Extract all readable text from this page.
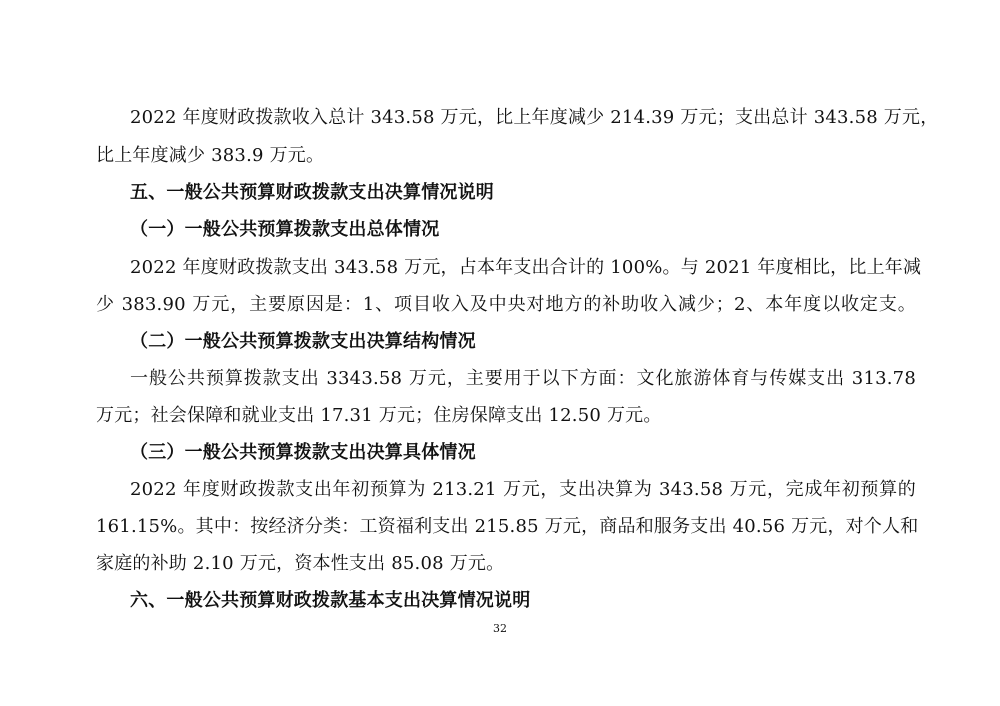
2022 年度财政拨款收入总计 343.58 万元，比上年度减少 214.39 万元；支出总计 343.58 万元，
比上年度减少 383.9 万元。
五、一般公共预算财政拨款支出决算情况说明
（一）一般公共预算拨款支出总体情况
2022 年度财政拨款支出 343.58 万元，占本年支出合计的 100%。与 2021 年度相比，比上年减
少 383.90 万元，主要原因是：1、项目收入及中央对地方的补助收入减少；2、本年度以收定支。
（二）一般公共预算拨款支出决算结构情况
一般公共预算拨款支出 3343.58 万元，主要用于以下方面：文化旅游体育与传媒支出 313.78
万元；社会保障和就业支出 17.31 万元；住房保障支出 12.50 万元。
（三）一般公共预算拨款支出决算具体情况
2022 年度财政拨款支出年初预算为 213.21 万元，支出决算为 343.58 万元，完成年初预算的
161.15%。其中：按经济分类：工资福利支出 215.85 万元，商品和服务支出 40.56 万元，对个人和
家庭的补助 2.10 万元，资本性支出 85.08 万元。
六、一般公共预算财政拨款基本支出决算情况说明
32
